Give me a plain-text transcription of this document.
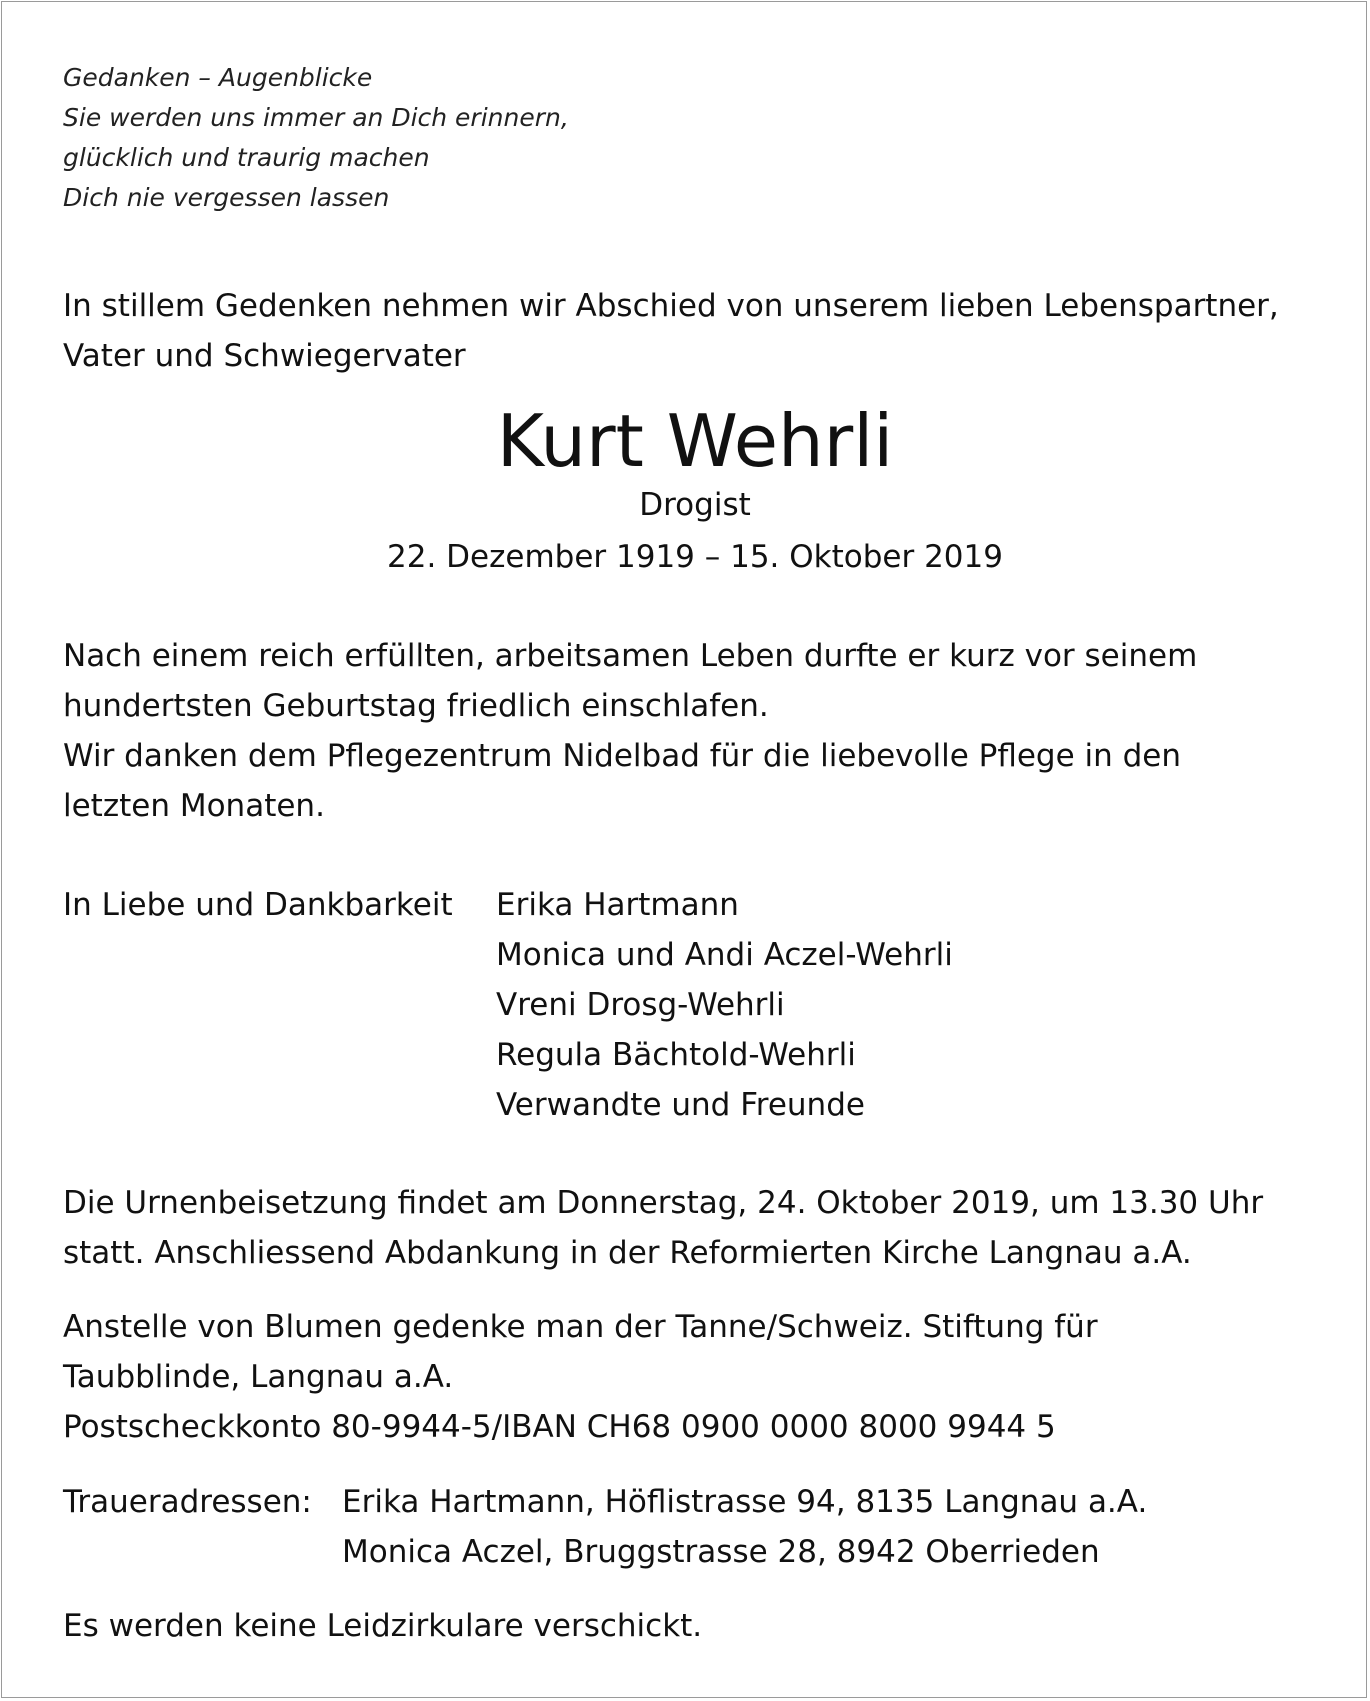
Gedanken – Augenblicke
Sie werden uns immer an Dich erinnern,
glücklich und traurig machen
Dich nie vergessen lassen
In stillem Gedenken nehmen wir Abschied von unserem lieben Lebenspartner,
Vater und Schwiegervater
Kurt Wehrli
Drogist
22. Dezember 1919 – 15. Oktober 2019
Nach einem reich erfüllten, arbeitsamen Leben durfte er kurz vor seinem
hundertsten Geburtstag friedlich einschlafen.
Wir danken dem Pflegezentrum Nidelbad für die liebevolle Pflege in den
letzten Monaten.
In Liebe und Dankbarkeit Erika Hartmann
Monica und Andi Aczel-Wehrli
Vreni Drosg-Wehrli
Regula Bächtold-Wehrli
Verwandte und Freunde
Die Urnenbeisetzung findet am Donnerstag, 24. Oktober 2019, um 13.30 Uhr
statt. Anschliessend Abdankung in der Reformierten Kirche Langnau a.A.
Anstelle von Blumen gedenke man der Tanne/Schweiz. Stiftung für
Taubblinde, Langnau a.A.
Postscheckkonto 80-9944-5/IBAN CH68 0900 0000 8000 9944 5
Traueradressen: Erika Hartmann, Höflistrasse 94, 8135 Langnau a.A.
Monica Aczel, Bruggstrasse 28, 8942 Oberrieden
Es werden keine Leidzirkulare verschickt.
